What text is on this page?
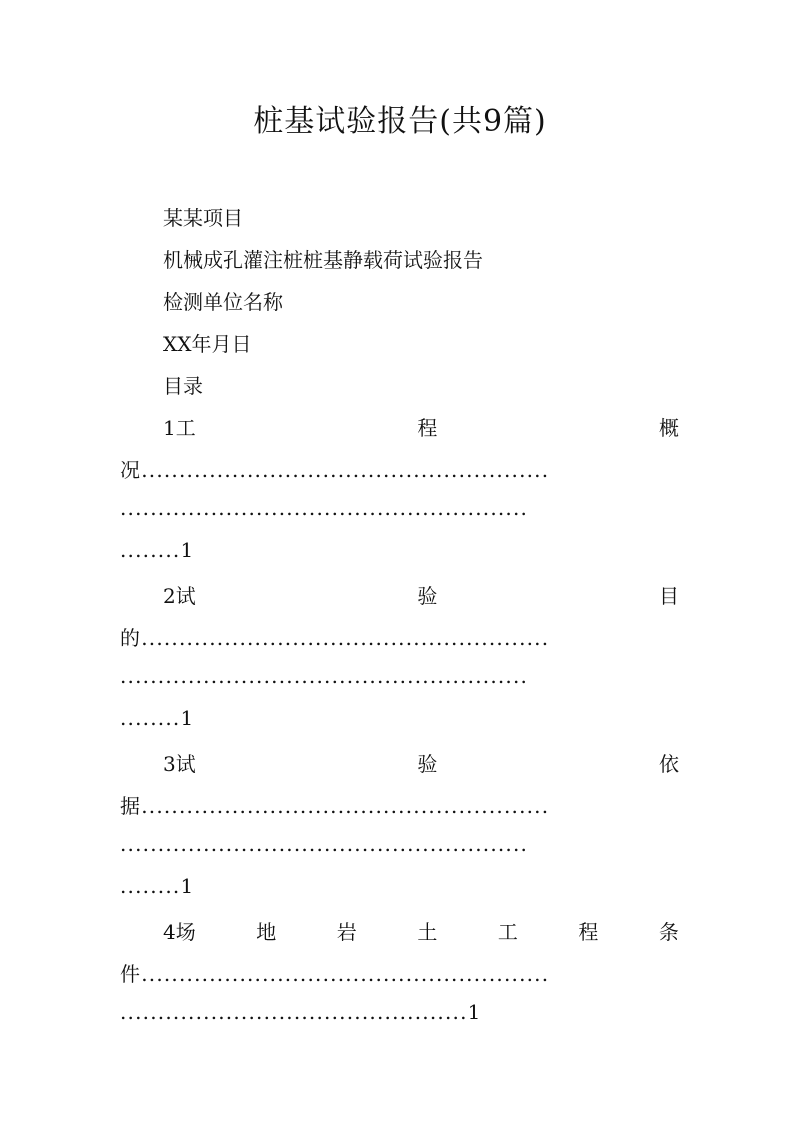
桩基试验报告(共9篇)
某某项目
机械成孔灌注桩桩基静载荷试验报告
检测单位名称
XX年月日
目录
1工	程	概
况......................................................
......................................................
........1
2试	验	目
的......................................................
......................................................
........1
3试	验	依
据......................................................
......................................................
........1
4场	地	岩	土	工	程	条
件......................................................
..............................................1
